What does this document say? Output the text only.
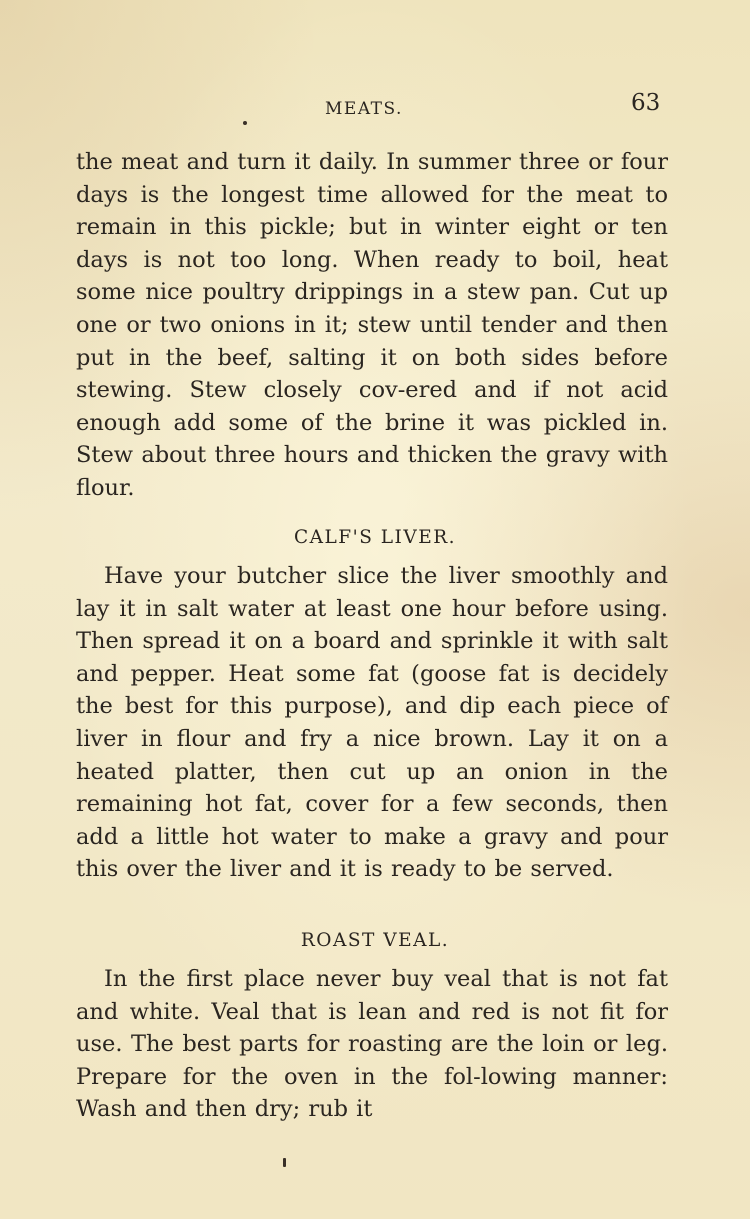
MEATS.	63

the meat and turn it daily. In summer three or four days is the longest time allowed for the meat to remain in this pickle; but in winter eight or ten days is not too long. When ready to boil, heat some nice poultry drippings in a stew pan. Cut up one or two onions in it; stew until tender and then put in the beef, salting it on both sides before stewing. Stew closely cov-ered and if not acid enough add some of the brine it was pickled in. Stew about three hours and thicken the gravy with flour.

CALF'S LIVER.

Have your butcher slice the liver smoothly and lay it in salt water at least one hour before using. Then spread it on a board and sprinkle it with salt and pepper. Heat some fat (goose fat is decidely the best for this purpose), and dip each piece of liver in flour and fry a nice brown. Lay it on a heated platter, then cut up an onion in the remaining hot fat, cover for a few seconds, then add a little hot water to make a gravy and pour this over the liver and it is ready to be served.

ROAST VEAL.

In the first place never buy veal that is not fat and white. Veal that is lean and red is not fit for use. The best parts for roasting are the loin or leg. Prepare for the oven in the fol-lowing manner: Wash and then dry; rub it
